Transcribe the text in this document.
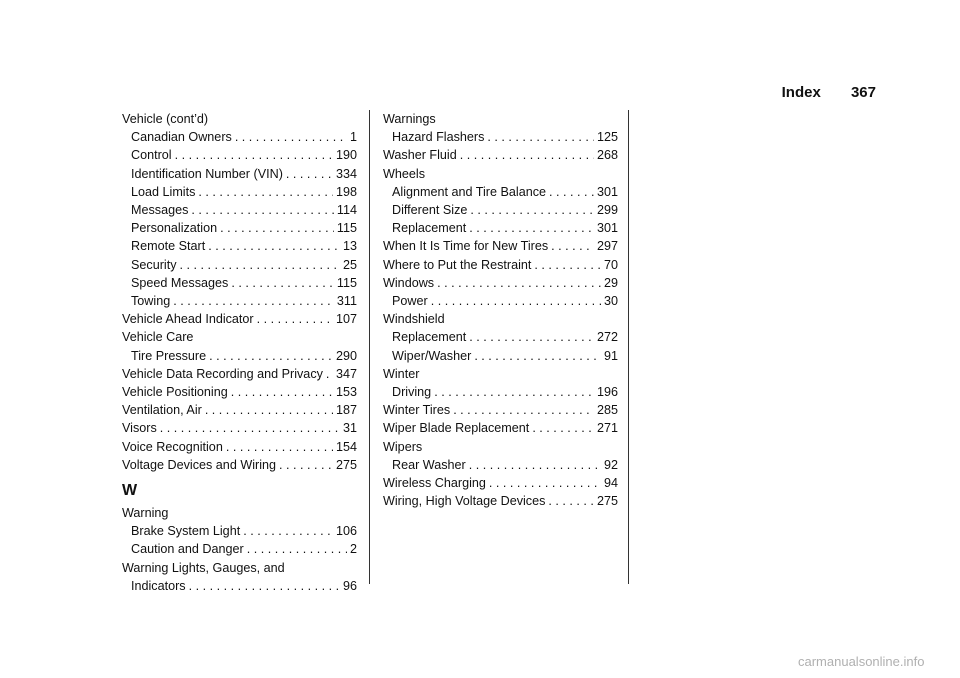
Index 367
Vehicle (cont’d)
Canadian Owners . . .	1
Control . . .	190
Identification Number (VIN) . . .	334
Load Limits . . .	198
Messages . . .	114
Personalization . . .	115
Remote Start . . .	13
Security . . .	25
Speed Messages . . .	115
Towing . . .	311
Vehicle Ahead Indicator . . .	107
Vehicle Care
Tire Pressure . . .	290
Vehicle Data Recording and Privacy . . . 347
Vehicle Positioning . . .	153
Ventilation, Air . . .	187
Visors . . .	31
Voice Recognition . . .	154
Voltage Devices and Wiring . . .	275
W
Warning
Brake System Light . . .	106
Caution and Danger . . .	2
Warning Lights, Gauges, and
Indicators . . .	96
Warnings
Hazard Flashers . . .	125
Washer Fluid . . .	268
Wheels
Alignment and Tire Balance . . .	301
Different Size . . .	299
Replacement . . .	301
When It Is Time for New Tires . . .	297
Where to Put the Restraint . . .	70
Windows . . .	29
Power . . .	30
Windshield
Replacement . . .	272
Wiper/Washer . . .	91
Winter
Driving . . .	196
Winter Tires . . .	285
Wiper Blade Replacement . . .	271
Wipers
Rear Washer . . .	92
Wireless Charging . . .	94
Wiring, High Voltage Devices . . .	275
carmanualsonline.info
